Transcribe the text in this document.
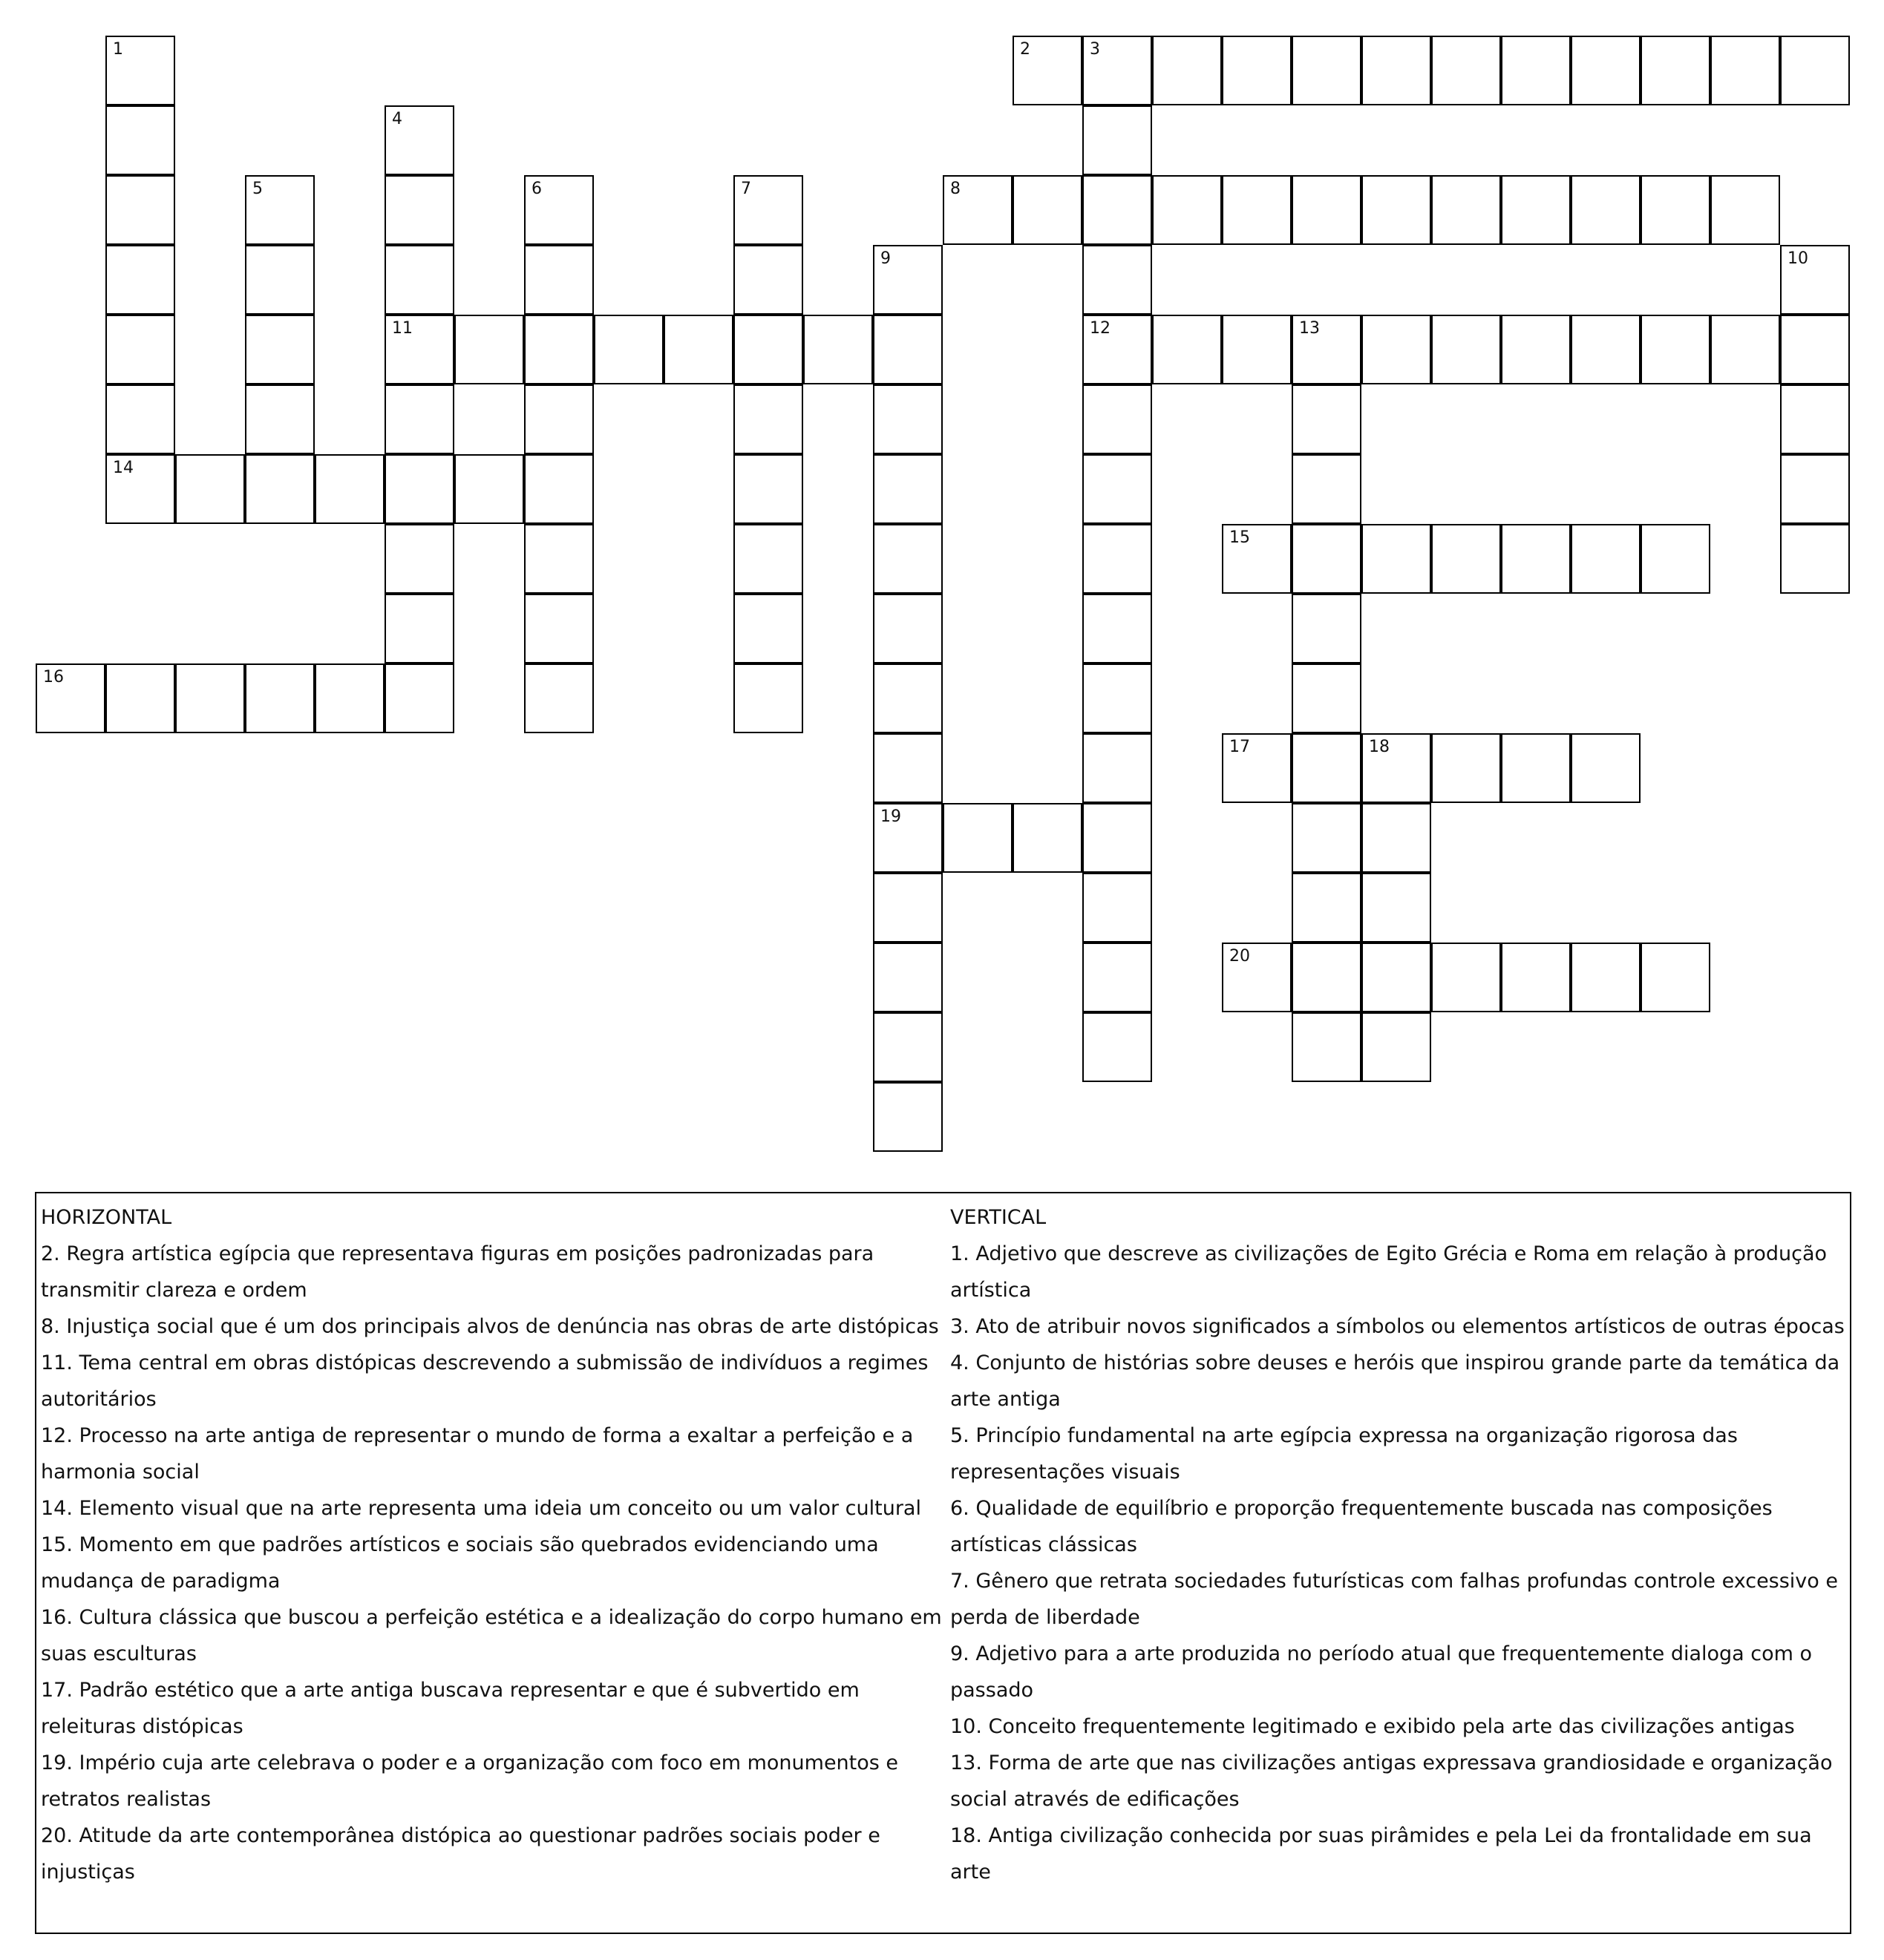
1
14
2	3
12
4
11
5	6	7	8
9
19
10
13
15
16
17	18
20
HORIZONTAL

2. Regra artística egípcia que representava figuras em posições padronizadas para transmitir clareza e ordem

8. Injustiça social que é um dos principais alvos de denúncia nas obras de arte distópicas

11. Tema central em obras distópicas descrevendo a submissão de indivíduos a regimes autoritários

12. Processo na arte antiga de representar o mundo de forma a exaltar a perfeição e a harmonia social

14. Elemento visual que na arte representa uma ideia um conceito ou um valor cultural

15. Momento em que padrões artísticos e sociais são quebrados evidenciando uma mudança de paradigma

16. Cultura clássica que buscou a perfeição estética e a idealização do corpo humano em suas esculturas

17. Padrão estético que a arte antiga buscava representar e que é subvertido em releituras distópicas

19. Império cuja arte celebrava o poder e a organização com foco em monumentos e retratos realistas

20. Atitude da arte contemporânea distópica ao questionar padrões sociais poder e injustiças

VERTICAL

1. Adjetivo que descreve as civilizações de Egito Grécia e Roma em relação à produção artística

3. Ato de atribuir novos significados a símbolos ou elementos artísticos de outras épocas

4. Conjunto de histórias sobre deuses e heróis que inspirou grande parte da temática da arte antiga

5. Princípio fundamental na arte egípcia expressa na organização rigorosa das representações visuais

6. Qualidade de equilíbrio e proporção frequentemente buscada nas composições artísticas clássicas

7. Gênero que retrata sociedades futurísticas com falhas profundas controle excessivo e perda de liberdade

9. Adjetivo para a arte produzida no período atual que frequentemente dialoga com o passado

10. Conceito frequentemente legitimado e exibido pela arte das civilizações antigas

13. Forma de arte que nas civilizações antigas expressava grandiosidade e organização social através de edificações

18. Antiga civilização conhecida por suas pirâmides e pela Lei da frontalidade em sua arte
